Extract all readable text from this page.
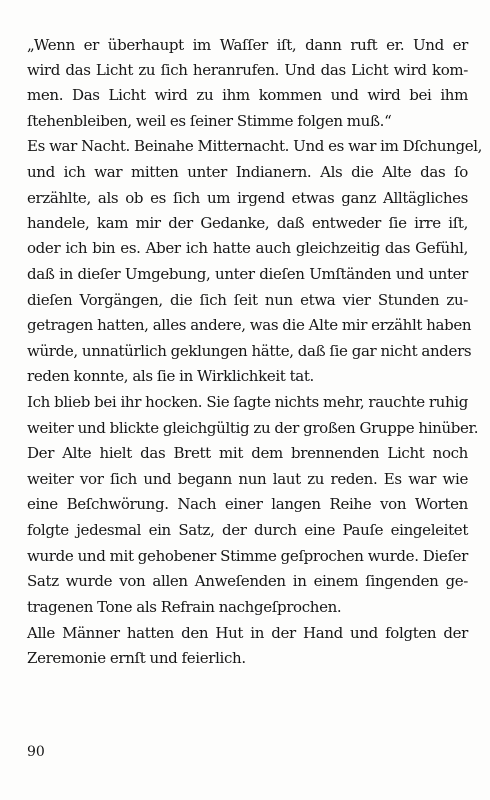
„Wenn er überhaupt im Waſſer iſt, dann ruft er. Und er
wird das Licht zu ſich heranrufen. Und das Licht wird kom-
men. Das Licht wird zu ihm kommen und wird bei ihm
ſtehenbleiben, weil es ſeiner Stimme folgen muß.“
Es war Nacht. Beinahe Mitternacht. Und es war im Dſchungel,
und ich war mitten unter Indianern. Als die Alte das ſo
erzählte, als ob es ſich um irgend etwas ganz Alltägliches
handele, kam mir der Gedanke, daß entweder ſie irre iſt,
oder ich bin es. Aber ich hatte auch gleichzeitig das Gefühl,
daß in dieſer Umgebung, unter dieſen Umſtänden und unter
dieſen Vorgängen, die ſich ſeit nun etwa vier Stunden zu-
getragen hatten, alles andere, was die Alte mir erzählt haben
würde, unnatürlich geklungen hätte, daß ſie gar nicht anders
reden konnte, als ſie in Wirklichkeit tat.
Ich blieb bei ihr hocken. Sie ſagte nichts mehr, rauchte ruhig
weiter und blickte gleichgültig zu der großen Gruppe hinüber.
Der Alte hielt das Brett mit dem brennenden Licht noch
weiter vor ſich und begann nun laut zu reden. Es war wie
eine Beſchwörung. Nach einer langen Reihe von Worten
folgte jedesmal ein Satz, der durch eine Pauſe eingeleitet
wurde und mit gehobener Stimme geſprochen wurde. Dieſer
Satz wurde von allen Anweſenden in einem ſingenden ge-
tragenen Tone als Refrain nachgeſprochen.
Alle Männer hatten den Hut in der Hand und folgten der
Zeremonie ernſt und feierlich.
90
